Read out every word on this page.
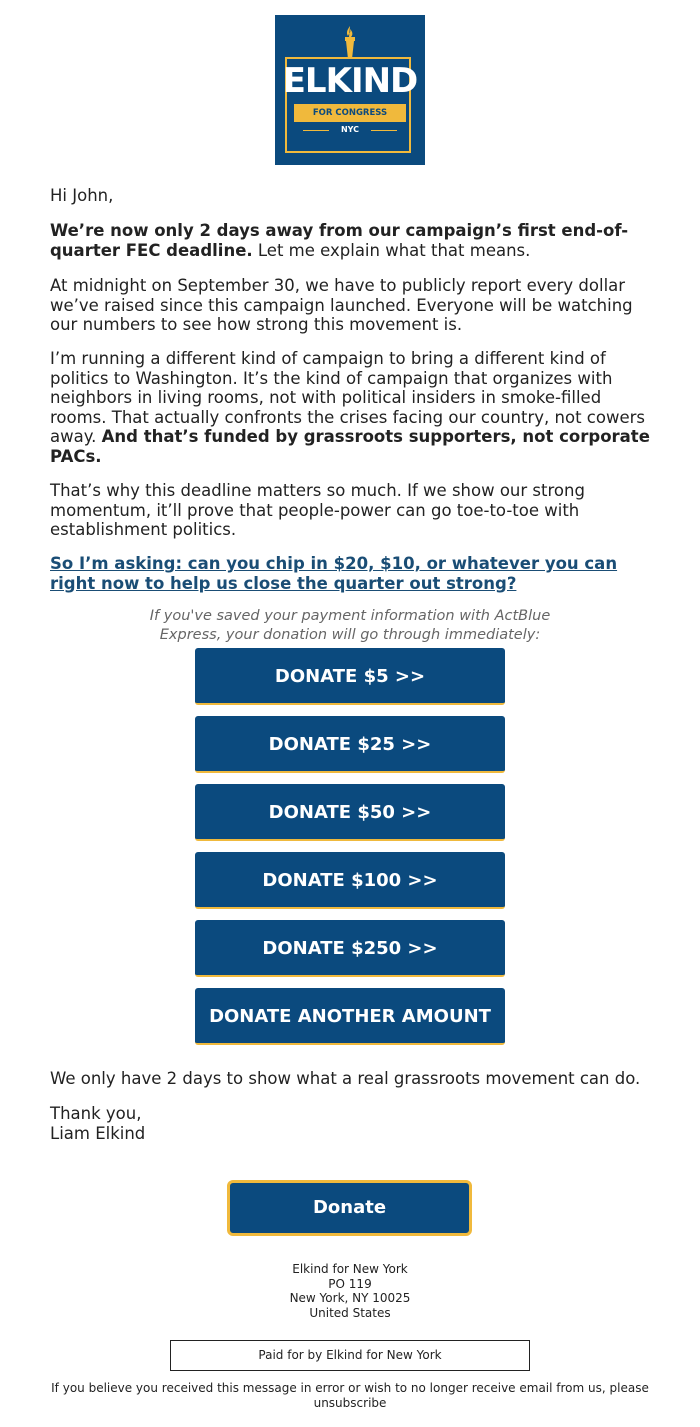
ELKIND
FOR CONGRESS
NYC

Hi John,

We’re now only 2 days away from our campaign’s first end-of-quarter FEC deadline. Let me explain what that means.

At midnight on September 30, we have to publicly report every dollar we’ve raised since this campaign launched. Everyone will be watching our numbers to see how strong this movement is.

I’m running a different kind of campaign to bring a different kind of politics to Washington. It’s the kind of campaign that organizes with neighbors in living rooms, not with political insiders in smoke-filled rooms. That actually confronts the crises facing our country, not cowers away. And that’s funded by grassroots supporters, not corporate PACs.

That’s why this deadline matters so much. If we show our strong momentum, it’ll prove that people-power can go toe-to-toe with establishment politics.

So I’m asking: can you chip in $20, $10, or whatever you can right now to help us close the quarter out strong?

If you've saved your payment information with ActBlue Express, your donation will go through immediately:

DONATE $5 >>
DONATE $25 >>
DONATE $50 >>
DONATE $100 >>
DONATE $250 >>
DONATE ANOTHER AMOUNT

We only have 2 days to show what a real grassroots movement can do.

Thank you,
Liam Elkind

Donate
Elkind for New York
PO 119
New York, NY 10025
United States
Paid for by Elkind for New York
If you believe you received this message in error or wish to no longer receive email from us, please unsubscribe
